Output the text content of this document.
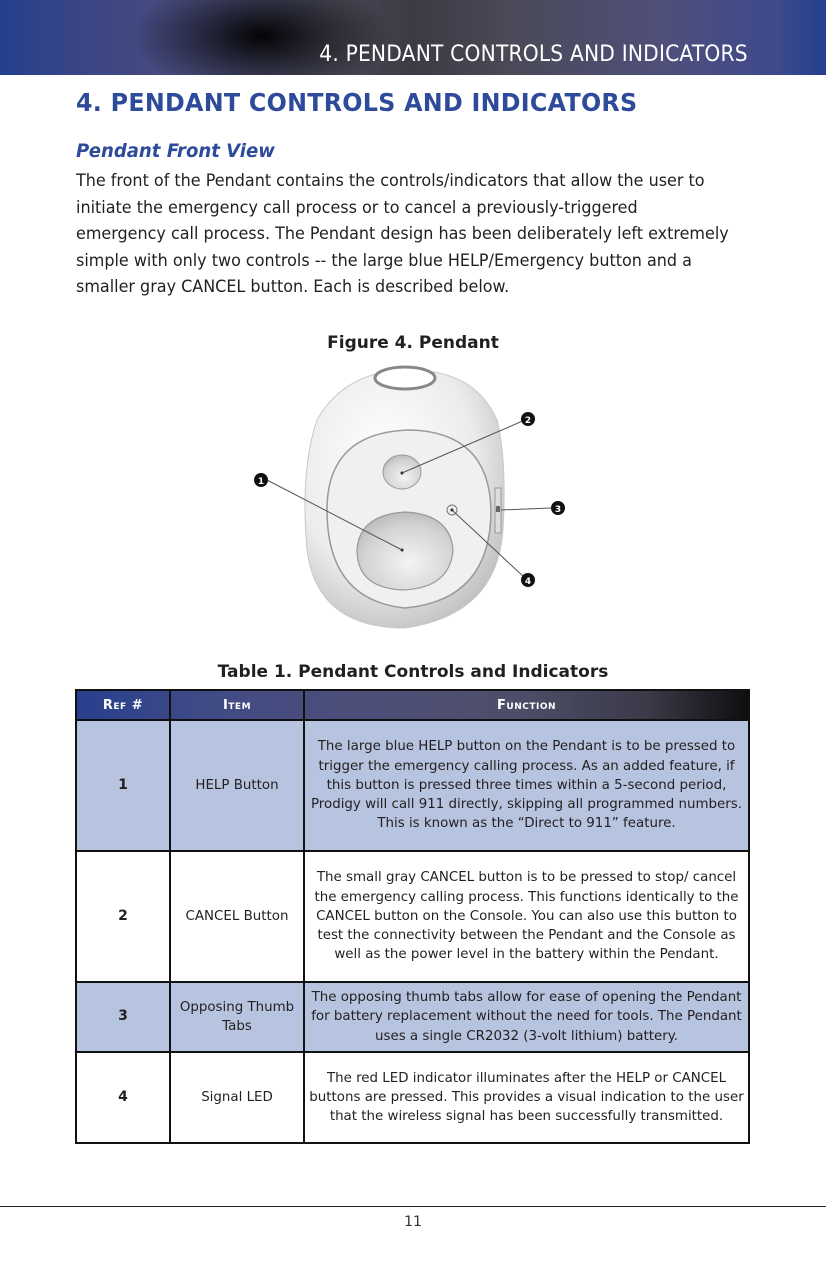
4. PENDANT CONTROLS AND INDICATORS
4. PENDANT CONTROLS AND INDICATORS
Pendant Front View

The front of the Pendant contains the controls/indicators that allow the user to initiate the emergency call process or to cancel a previously-triggered emergency call process. The Pendant design has been deliberately left extremely simple with only two controls -- the large blue HELP/Emergency button and a smaller gray CANCEL button. Each is described below.

Figure 4. Pendant
1
2
3
4
Table 1. Pendant Controls and Indicators
Ref #	Item	Function
1	HELP Button	The large blue HELP button on the Pendant is to be pressed to trigger the emergency calling process. As an added feature, if this button is pressed three times within a 5-second period, Prodigy will call 911 directly, skipping all programmed numbers. This is known as the “Direct to 911” feature.
2	CANCEL Button	The small gray CANCEL button is to be pressed to stop/ cancel the emergency calling process. This functions identically to the CANCEL button on the Console. You can also use this button to test the connectivity between the Pendant and the Console as well as the power level in the battery within the Pendant.
3	Opposing Thumb Tabs	The opposing thumb tabs allow for ease of opening the Pendant for battery replacement without the need for tools. The Pendant uses a single CR2032 (3-volt lithium) battery.
4	Signal LED	The red LED indicator illuminates after the HELP or CANCEL buttons are pressed. This provides a visual indication to the user that the wireless signal has been successfully transmitted.
11
